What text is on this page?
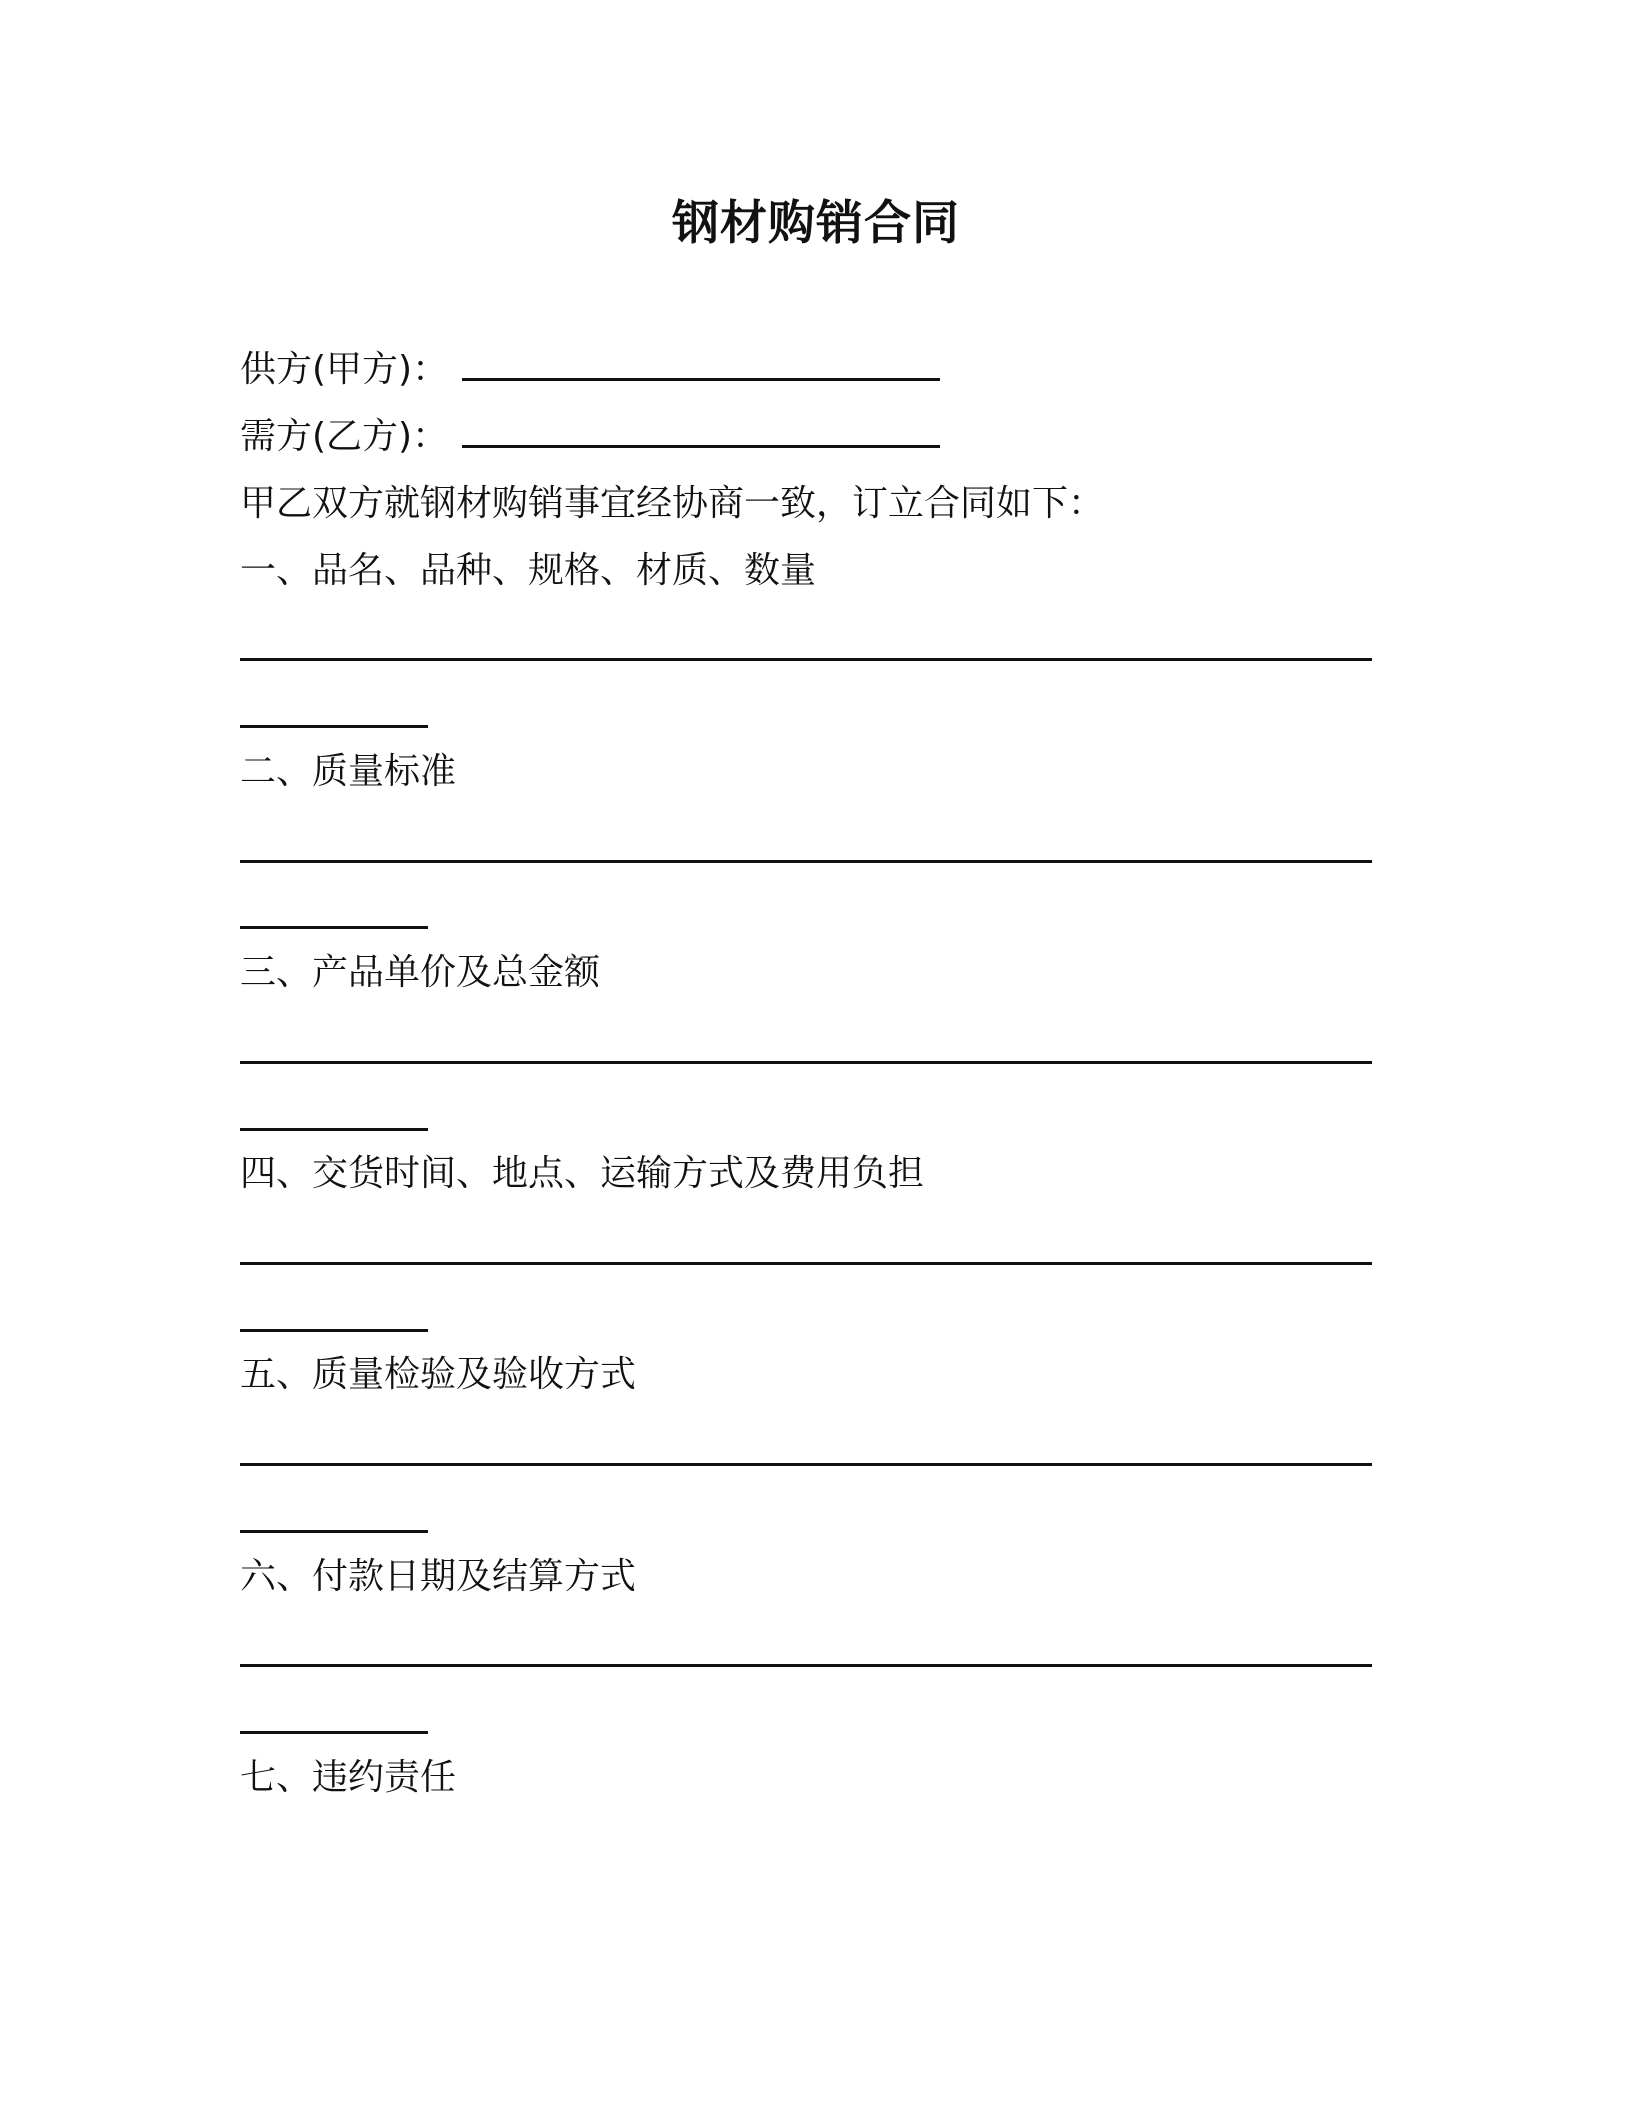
钢材购销合同
供方(甲方)：
需方(乙方)：
甲乙双方就钢材购销事宜经协商一致，订立合同如下：
一、品名、品种、规格、材质、数量
二、质量标准
三、产品单价及总金额
四、交货时间、地点、运输方式及费用负担
五、质量检验及验收方式
六、付款日期及结算方式
七、违约责任
